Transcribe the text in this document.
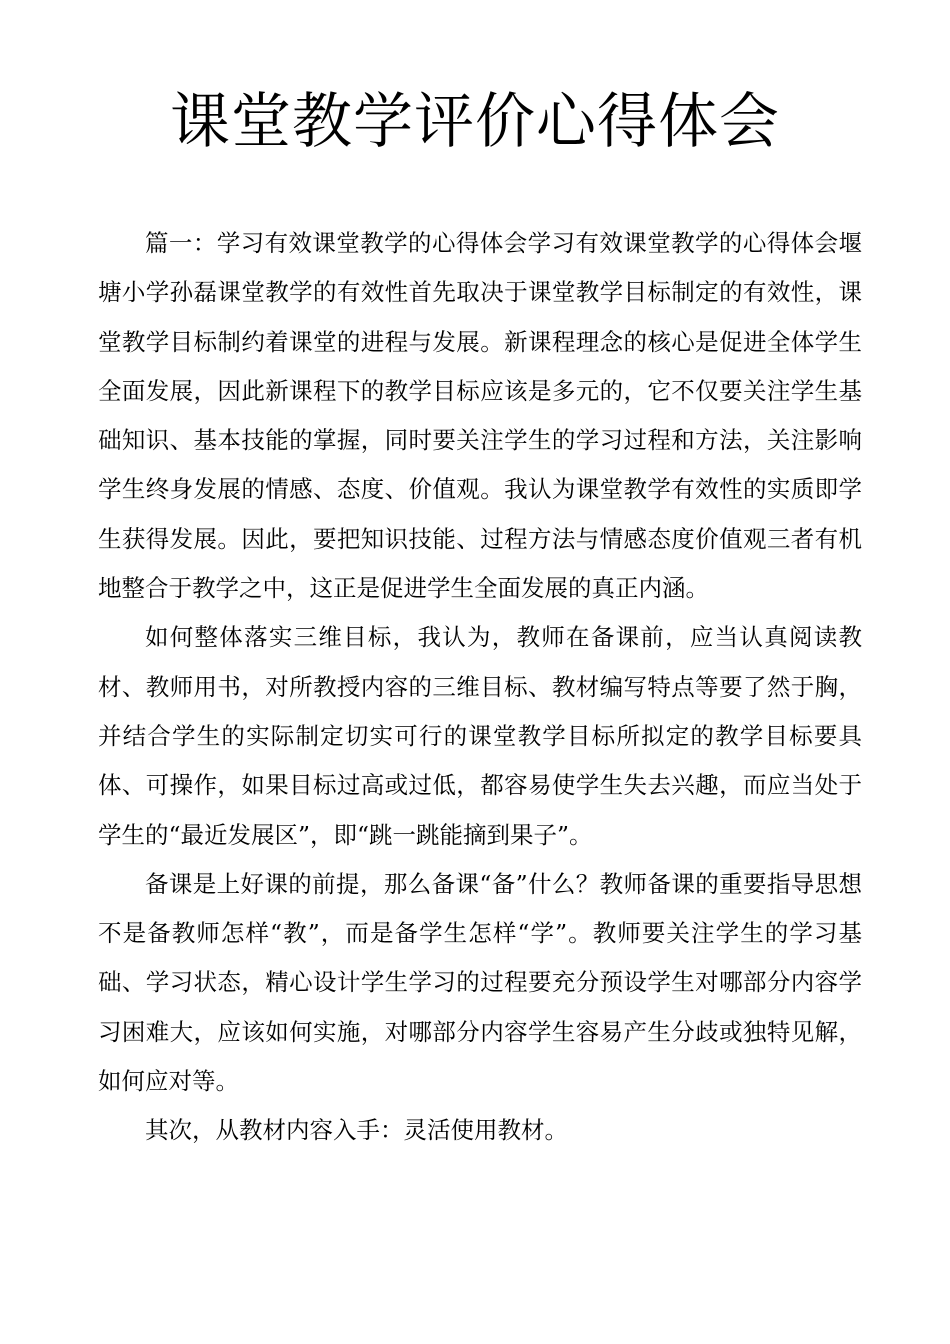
课堂教学评价心得体会

篇一：学习有效课堂教学的心得体会学习有效课堂教学的心得体会堰塘小学孙磊课堂教学的有效性首先取决于课堂教学目标制定的有效性，课堂教学目标制约着课堂的进程与发展。新课程理念的核心是促进全体学生全面发展，因此新课程下的教学目标应该是多元的，它不仅要关注学生基础知识、基本技能的掌握，同时要关注学生的学习过程和方法，关注影响学生终身发展的情感、态度、价值观。我认为课堂教学有效性的实质即学生获得发展。因此，要把知识技能、过程方法与情感态度价值观三者有机地整合于教学之中，这正是促进学生全面发展的真正内涵。

如何整体落实三维目标，我认为，教师在备课前，应当认真阅读教材、教师用书，对所教授内容的三维目标、教材编写特点等要了然于胸，并结合学生的实际制定切实可行的课堂教学目标所拟定的教学目标要具体、可操作，如果目标过高或过低，都容易使学生失去兴趣，而应当处于学生的“最近发展区”，即“跳一跳能摘到果子”。

备课是上好课的前提，那么备课“备”什么？教师备课的重要指导思想不是备教师怎样“教”，而是备学生怎样“学”。教师要关注学生的学习基础、学习状态，精心设计学生学习的过程要充分预设学生对哪部分内容学习困难大，应该如何实施，对哪部分内容学生容易产生分歧或独特见解，如何应对等。

其次，从教材内容入手：灵活使用教材。
